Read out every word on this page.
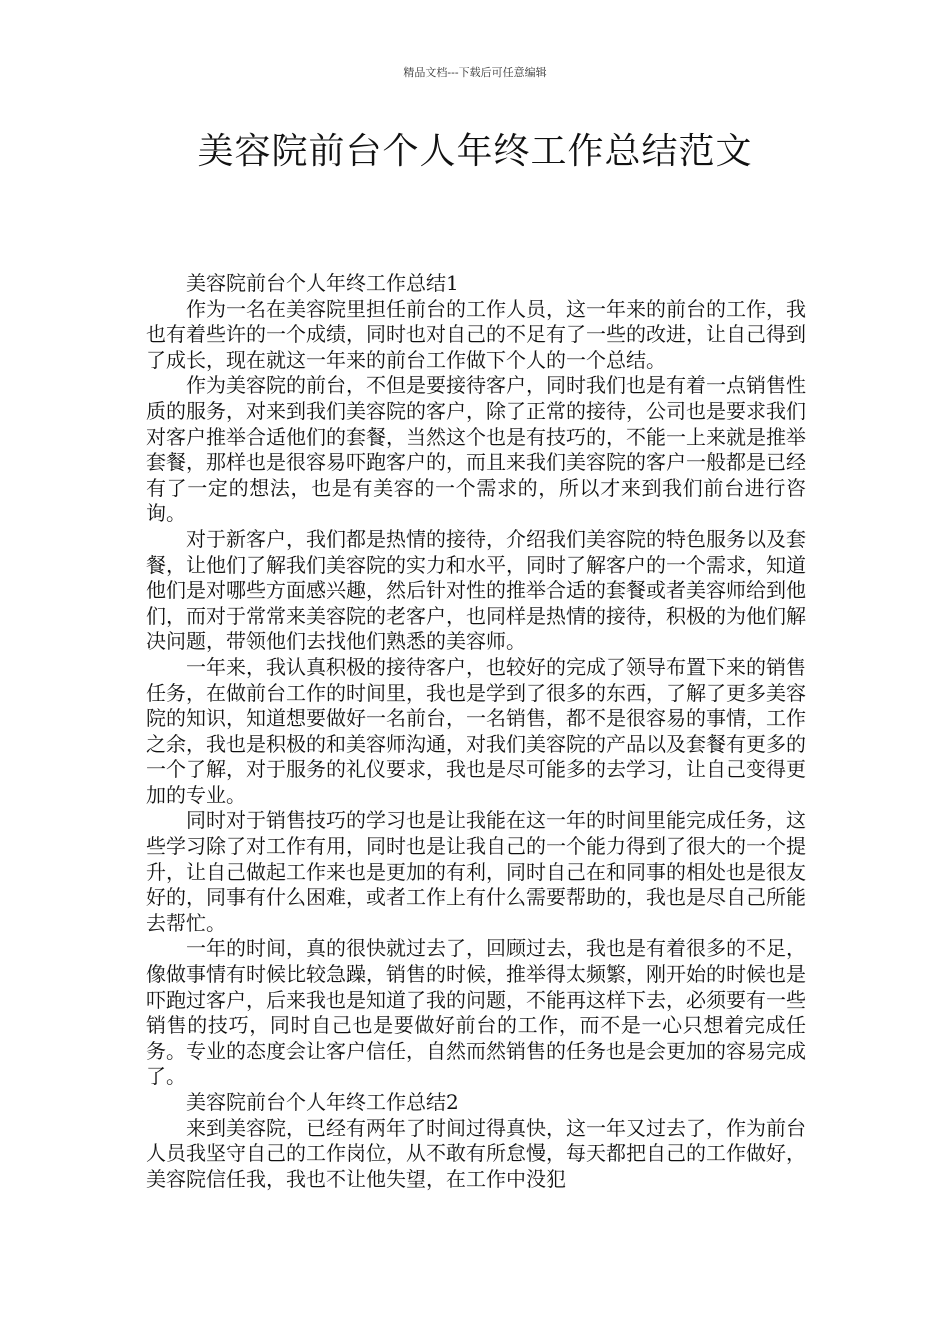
精品文档---下载后可任意编辑
美容院前台个人年终工作总结范文

美容院前台个人年终工作总结1

作为一名在美容院里担任前台的工作人员，这一年来的前台的工作，我也有着些许的一个成绩，同时也对自己的不足有了一些的改进，让自己得到了成长，现在就这一年来的前台工作做下个人的一个总结。

作为美容院的前台，不但是要接待客户，同时我们也是有着一点销售性质的服务，对来到我们美容院的客户，除了正常的接待，公司也是要求我们对客户推举合适他们的套餐，当然这个也是有技巧的，不能一上来就是推举套餐，那样也是很容易吓跑客户的，而且来我们美容院的客户一般都是已经有了一定的想法，也是有美容的一个需求的，所以才来到我们前台进行咨询。

对于新客户，我们都是热情的接待，介绍我们美容院的特色服务以及套餐，让他们了解我们美容院的实力和水平，同时了解客户的一个需求，知道他们是对哪些方面感兴趣，然后针对性的推举合适的套餐或者美容师给到他们，而对于常常来美容院的老客户，也同样是热情的接待，积极的为他们解决问题，带领他们去找他们熟悉的美容师。

一年来，我认真积极的接待客户，也较好的完成了领导布置下来的销售任务，在做前台工作的时间里，我也是学到了很多的东西，了解了更多美容院的知识，知道想要做好一名前台，一名销售，都不是很容易的事情，工作之余，我也是积极的和美容师沟通，对我们美容院的产品以及套餐有更多的一个了解，对于服务的礼仪要求，我也是尽可能多的去学习，让自己变得更加的专业。

同时对于销售技巧的学习也是让我能在这一年的时间里能完成任务，这些学习除了对工作有用，同时也是让我自己的一个能力得到了很大的一个提升，让自己做起工作来也是更加的有利，同时自己在和同事的相处也是很友好的，同事有什么困难，或者工作上有什么需要帮助的，我也是尽自己所能去帮忙。

一年的时间，真的很快就过去了，回顾过去，我也是有着很多的不足，像做事情有时候比较急躁，销售的时候，推举得太频繁，刚开始的时候也是吓跑过客户，后来我也是知道了我的问题，不能再这样下去，必须要有一些销售的技巧，同时自己也是要做好前台的工作，而不是一心只想着完成任务。专业的态度会让客户信任，自然而然销售的任务也是会更加的容易完成了。

美容院前台个人年终工作总结2

来到美容院，已经有两年了时间过得真快，这一年又过去了，作为前台人员我坚守自己的工作岗位，从不敢有所怠慢，每天都把自己的工作做好，美容院信任我，我也不让他失望，在工作中没犯
